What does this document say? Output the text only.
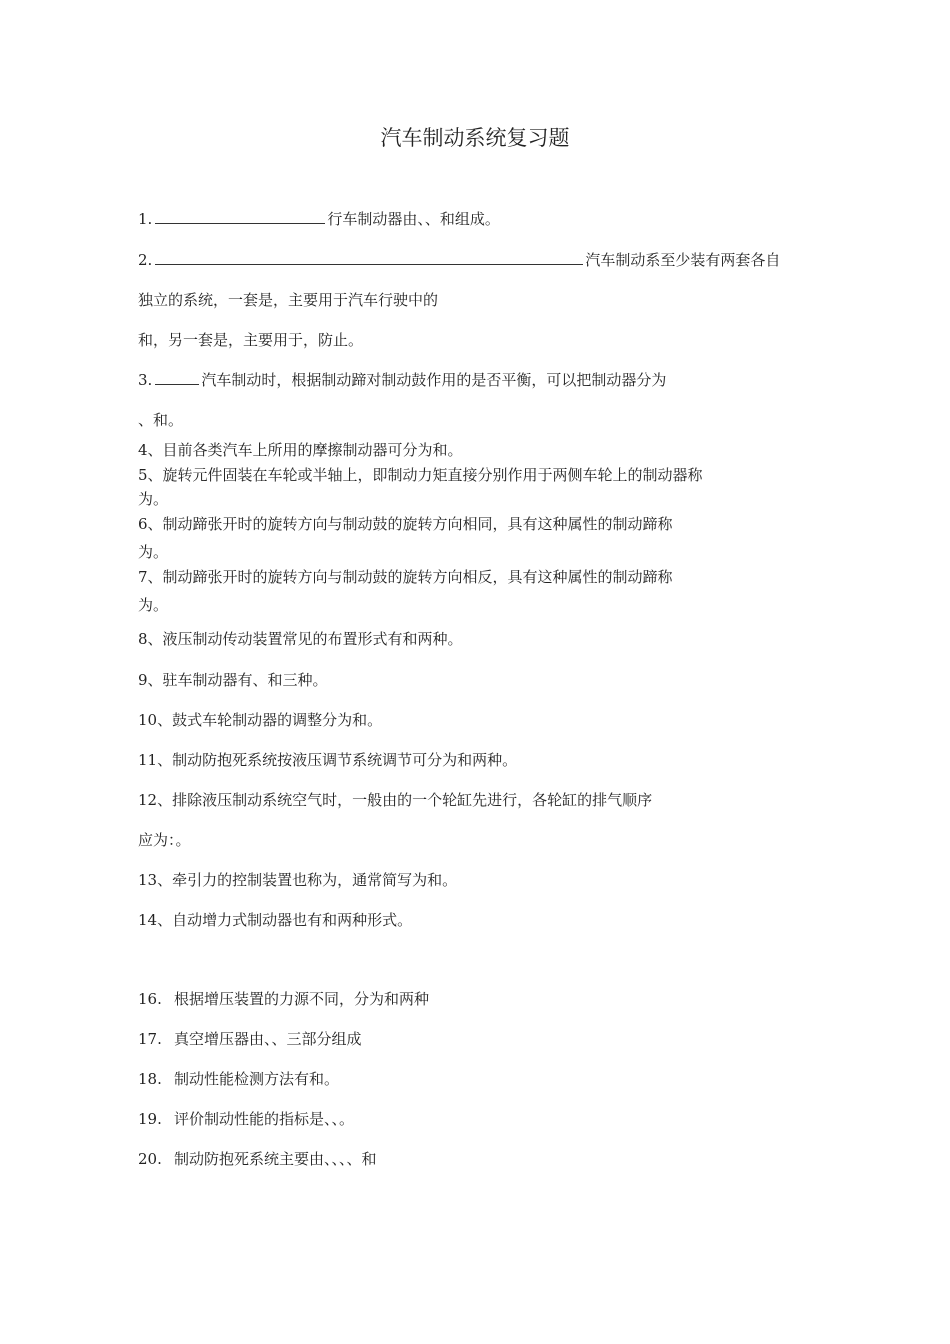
汽车制动系统复习题
1.	行车制动器由、、和组成。
2.	汽车制动系至少装有两套各自
独立的系统，一套是，主要用于汽车行驶中的
和，另一套是，主要用于，防止。
3.	汽车制动时，根据制动蹄对制动鼓作用的是否平衡，可以把制动器分为
、和。
4、目前各类汽车上所用的摩擦制动器可分为和。
5、旋转元件固装在车轮或半轴上，即制动力矩直接分别作用于两侧车轮上的制动器称
为。
6、制动蹄张开时的旋转方向与制动鼓的旋转方向相同，具有这种属性的制动蹄称
为。
7、制动蹄张开时的旋转方向与制动鼓的旋转方向相反，具有这种属性的制动蹄称
为。
8、液压制动传动装置常见的布置形式有和两种。
9、驻车制动器有、和三种。
10、鼓式车轮制动器的调整分为和。
11、制动防抱死系统按液压调节系统调节可分为和两种。
12、排除液压制动系统空气时，一般由的一个轮缸先进行，各轮缸的排气顺序
应为：。
13、牵引力的控制装置也称为，通常简写为和。
14、自动增力式制动器也有和两种形式。
16. 根据增压装置的力源不同，分为和两种
17. 真空增压器由、、三部分组成
18. 制动性能检测方法有和。
19. 评价制动性能的指标是、、。
20. 制动防抱死系统主要由、、、、和
